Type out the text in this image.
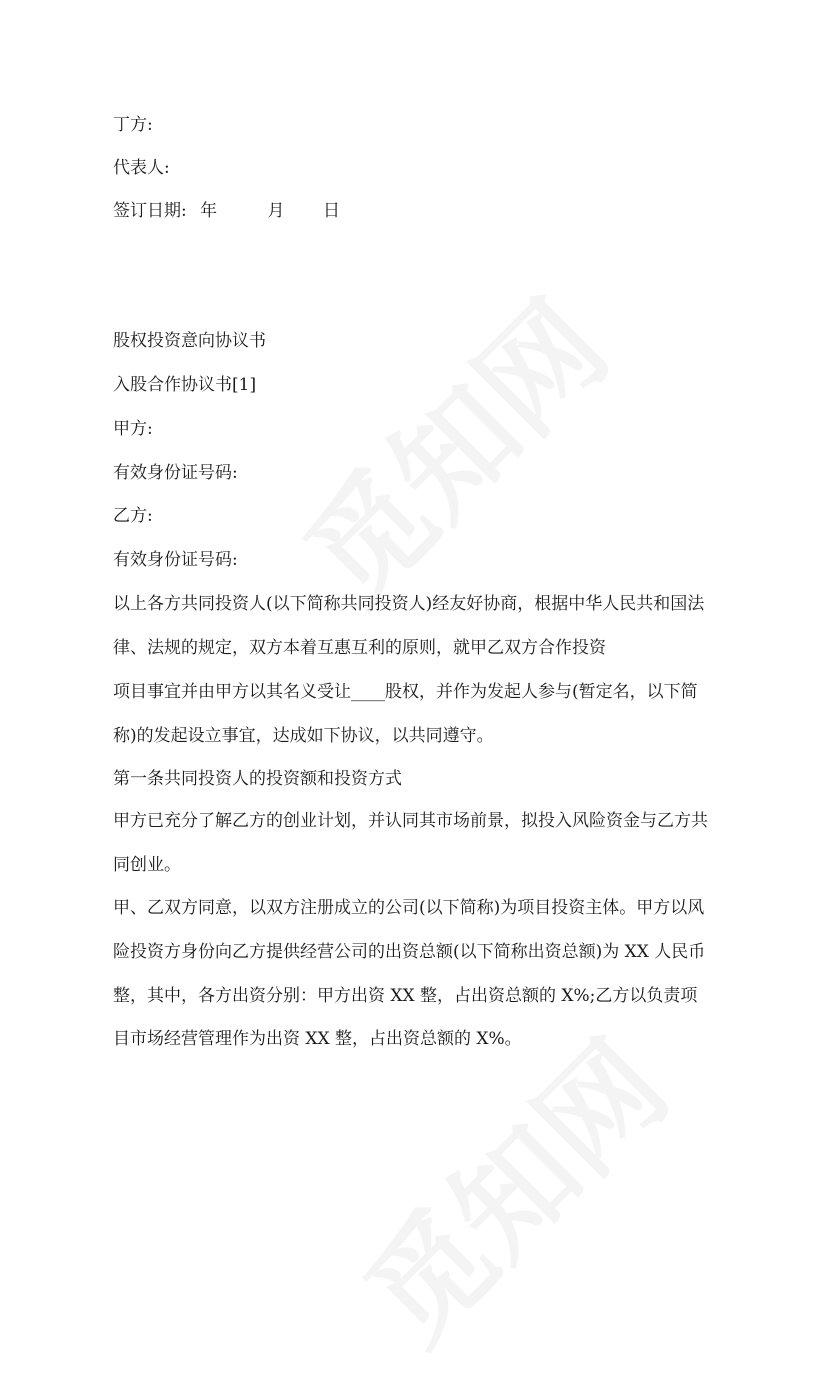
丁方:
代表人:
签订日期: 年	月 日
股权投资意向协议书
入股合作协议书[1]
甲方:
有效身份证号码:
乙方:
有效身份证号码:
以上各方共同投资人(以下简称共同投资人)经友好协商，根据中华人民共和国法
律、法规的规定，双方本着互惠互利的原则，就甲乙双方合作投资
项目事宜并由甲方以其名义受让____股权，并作为发起人参与(暂定名，以下简
称)的发起设立事宜，达成如下协议，以共同遵守。
第一条共同投资人的投资额和投资方式
甲方已充分了解乙方的创业计划，并认同其市场前景，拟投入风险资金与乙方共
同创业。
甲、乙双方同意，以双方注册成立的公司(以下简称)为项目投资主体。甲方以风
险投资方身份向乙方提供经营公司的出资总额(以下简称出资总额)为 XX 人民币
整，其中，各方出资分别：甲方出资 XX 整，占出资总额的 X%;乙方以负责项
目市场经营管理作为出资 XX 整，占出资总额的 X%。
